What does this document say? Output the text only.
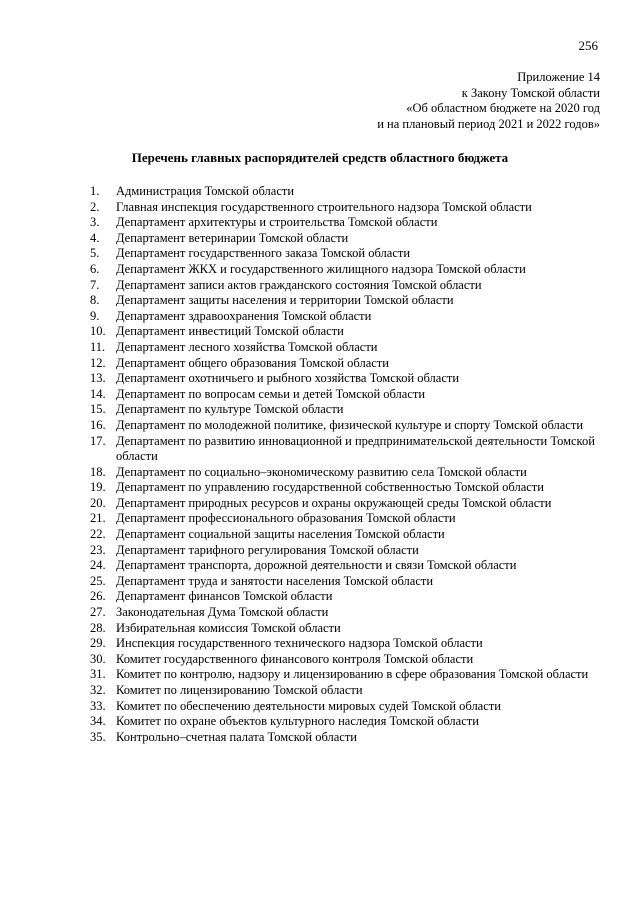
256
Приложение 14
к Закону Томской области
«Об областном бюджете на 2020 год
и на плановый период 2021 и 2022 годов»
Перечень главных распорядителей средств областного бюджета
1.	Администрация Томской области
2.	Главная инспекция государственного строительного надзора Томской области
3.	Департамент архитектуры и строительства Томской области
4.	Департамент ветеринарии Томской области
5.	Департамент государственного заказа Томской области
6.	Департамент ЖКХ и государственного жилищного надзора Томской области
7.	Департамент записи актов гражданского состояния Томской области
8.	Департамент защиты населения и территории Томской области
9.	Департамент здравоохранения Томской области
10. Департамент инвестиций Томской области
11. Департамент лесного хозяйства Томской области
12. Департамент общего образования Томской области
13. Департамент охотничьего и рыбного хозяйства Томской области
14. Департамент по вопросам семьи и детей Томской области
15. Департамент по культуре Томской области
16. Департамент по молодежной политике, физической культуре и спорту Томской области
17. Департамент по развитию инновационной и предпринимательской деятельности Томской области
18. Департамент по социально–экономическому развитию села Томской области
19. Департамент по управлению государственной собственностью Томской области
20. Департамент природных ресурсов и охраны окружающей среды Томской области
21. Департамент профессионального образования Томской области
22. Департамент социальной защиты населения Томской области
23. Департамент тарифного регулирования Томской области
24. Департамент транспорта, дорожной деятельности и связи Томской области
25. Департамент труда и занятости населения Томской области
26. Департамент финансов Томской области
27. Законодательная Дума Томской области
28. Избирательная комиссия Томской области
29. Инспекция государственного технического надзора Томской области
30. Комитет государственного финансового контроля Томской области
31. Комитет по контролю, надзору и лицензированию в сфере образования Томской области
32. Комитет по лицензированию Томской области
33. Комитет по обеспечению деятельности мировых судей Томской области
34. Комитет по охране объектов культурного наследия Томской области
35. Контрольно–счетная палата Томской области
